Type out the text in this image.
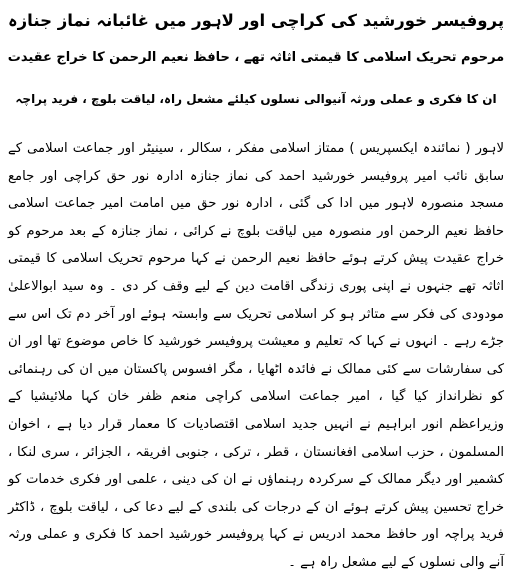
پروفیسر خورشید کی کراچی اور لاہور میں غائبانہ نماز جنازہ
مرحوم تحریک اسلامی کا قیمتی اثاثہ تھے ، حافظ نعیم الرحمن کا خراج عقیدت
ان کا فکری و عملی ورثہ آنیوالی نسلوں کیلئے مشعل راہ، لیاقت بلوچ ، فرید پراچہ
لاہور ( نمائندہ ایکسپریس ) ممتاز اسلامی مفکر ، سکالر ، سینیٹر اور جماعت اسلامی کے سابق نائب امیر پروفیسر خورشید احمد کی نماز جنازہ ادارہ نور حق کراچی اور جامع مسجد منصورہ لاہور میں ادا کی گئی ، ادارہ نور حق میں امامت امیر جماعت اسلامی حافظ نعیم الرحمن اور منصورہ میں لیاقت بلوچ نے کرائی ، نماز جنازہ کے بعد مرحوم کو خراج عقیدت پیش کرتے ہوئے حافظ نعیم الرحمن نے کہا مرحوم تحریک اسلامی کا قیمتی اثاثہ تھے جنہوں نے اپنی پوری زندگی اقامت دین کے لیے وقف کر دی ۔ وہ سید ابوالاعلیٰ مودودی کی فکر سے متاثر ہو کر اسلامی تحریک سے وابستہ ہوئے اور آخر دم تک اس سے جڑے رہے ۔ انہوں نے کہا کہ تعلیم و معیشت پروفیسر خورشید کا خاص موضوع تھا اور ان کی سفارشات سے کئی ممالک نے فائدہ اٹھایا ، مگر افسوس پاکستان میں ان کی رہنمائی کو نظرانداز کیا گیا ، امیر جماعت اسلامی کراچی منعم ظفر خان کہا ملائیشیا کے وزیراعظم انور ابراہیم نے انہیں جدید اسلامی اقتصادیات کا معمار قرار دیا ہے ، اخوان المسلمون ، حزب اسلامی افغانستان ، قطر ، ترکی ، جنوبی افریقہ ، الجزائر ، سری لنکا ، کشمیر اور دیگر ممالک کے سرکردہ رہنماؤں نے ان کی دینی ، علمی اور فکری خدمات کو خراج تحسین پیش کرتے ہوئے ان کے درجات کی بلندی کے لیے دعا کی ، لیاقت بلوچ ، ڈاکٹر فرید پراچہ اور حافظ محمد ادریس نے کہا پروفیسر خورشید احمد کا فکری و عملی ورثہ آنے والی نسلوں کے لیے مشعل راہ ہے ۔
